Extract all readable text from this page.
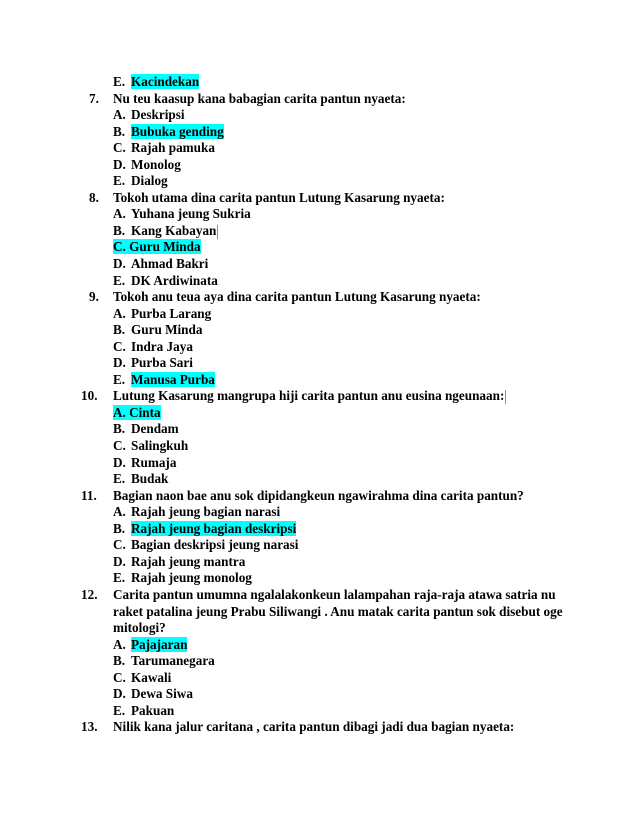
E. Kacindekan
7. Nu teu kaasup kana babagian carita pantun nyaeta:
A. Deskripsi
B. Bubuka gending
C. Rajah pamuka
D. Monolog
E. Dialog
8. Tokoh utama dina carita pantun Lutung Kasarung nyaeta:
A. Yuhana jeung Sukria
B. Kang Kabayan
C. Guru Minda
D. Ahmad Bakri
E. DK Ardiwinata
9. Tokoh anu teua aya dina carita pantun Lutung Kasarung nyaeta:
A. Purba Larang
B. Guru Minda
C. Indra Jaya
D. Purba Sari
E. Manusa Purba
10. Lutung Kasarung mangrupa hiji carita pantun anu eusina ngeunaan:
A. Cinta
B. Dendam
C. Salingkuh
D. Rumaja
E. Budak
11. Bagian naon bae anu sok dipidangkeun ngawirahma dina carita pantun?
A. Rajah jeung bagian narasi
B. Rajah jeung bagian deskripsi
C. Bagian deskripsi jeung narasi
D. Rajah jeung mantra
E. Rajah jeung monolog
12. Carita pantun umumna ngalalakonkeun lalampahan raja-raja atawa satria nu
raket patalina jeung Prabu Siliwangi . Anu matak carita pantun sok disebut oge
mitologi?
A. Pajajaran
B. Tarumanegara
C. Kawali
D. Dewa Siwa
E. Pakuan
13. Nilik kana jalur caritana , carita pantun dibagi jadi dua bagian nyaeta:
